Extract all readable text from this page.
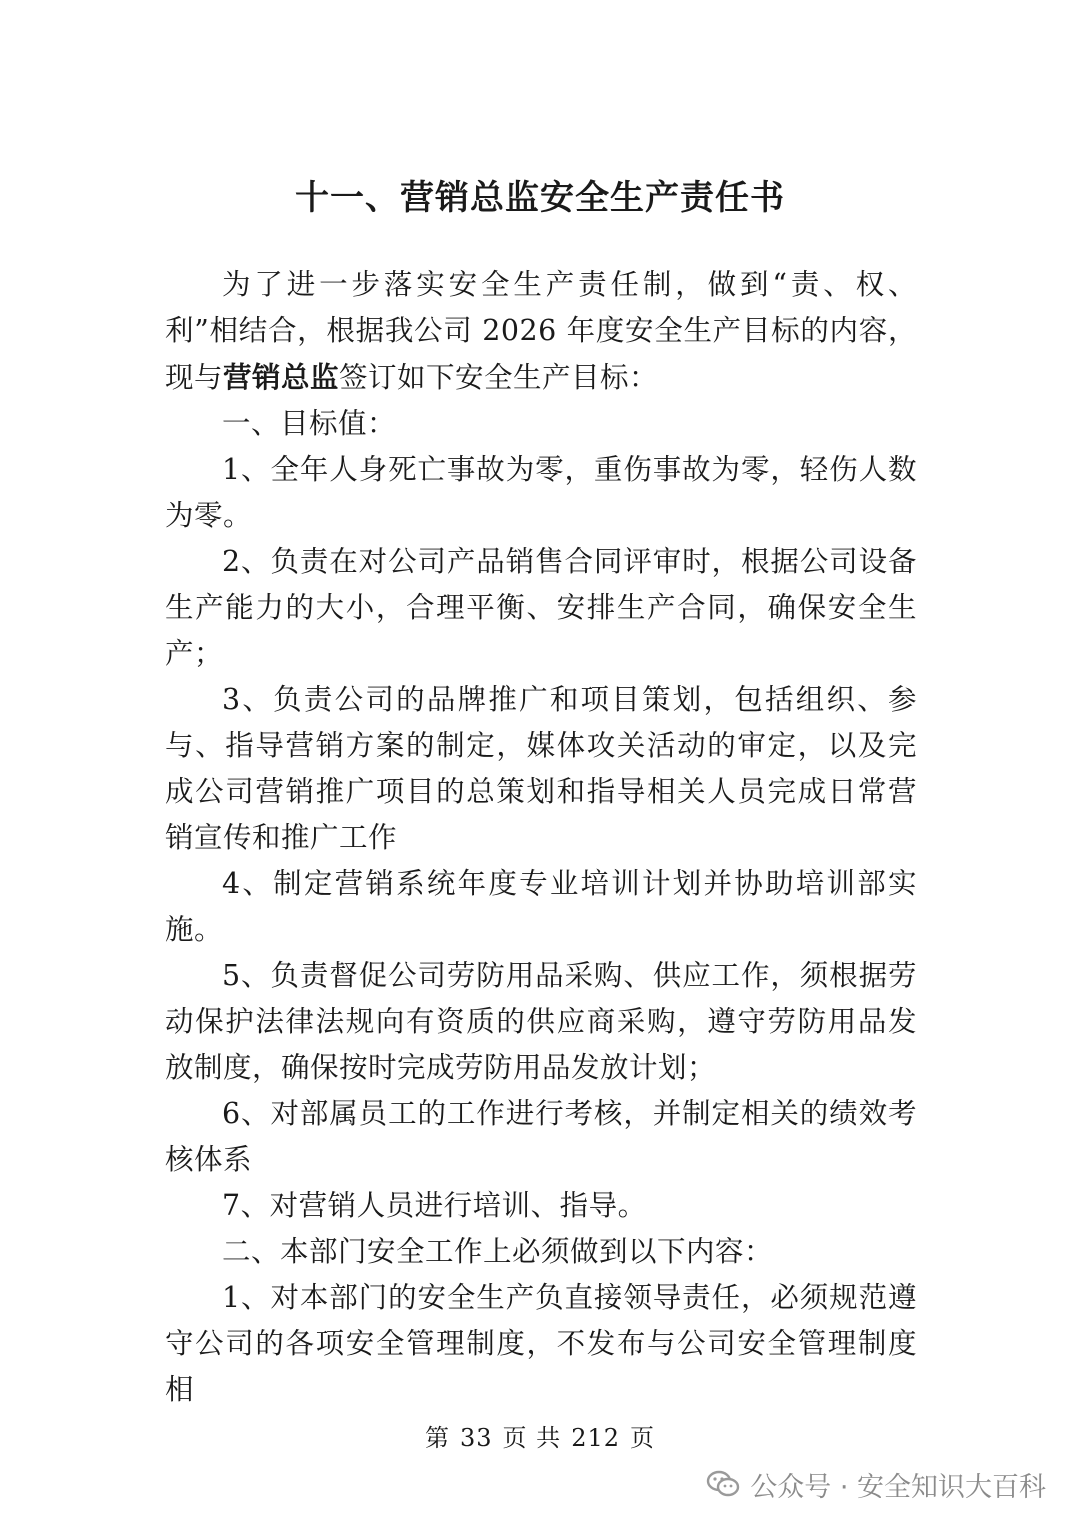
十一、营销总监安全生产责任书

为了进一步落实安全生产责任制，做到“责、权、利”相结合，根据我公司 2026 年度安全生产目标的内容，现与营销总监签订如下安全生产目标：

一、目标值：

1、全年人身死亡事故为零，重伤事故为零，轻伤人数为零。

2、负责在对公司产品销售合同评审时，根据公司设备生产能力的大小，合理平衡、安排生产合同，确保安全生产；

3、负责公司的品牌推广和项目策划，包括组织、参与、指导营销方案的制定，媒体攻关活动的审定，以及完成公司营销推广项目的总策划和指导相关人员完成日常营销宣传和推广工作

4、制定营销系统年度专业培训计划并协助培训部实施。

5、负责督促公司劳防用品采购、供应工作，须根据劳动保护法律法规向有资质的供应商采购，遵守劳防用品发放制度，确保按时完成劳防用品发放计划；

6、对部属员工的工作进行考核，并制定相关的绩效考核体系

7、对营销人员进行培训、指导。

二、本部门安全工作上必须做到以下内容：

1、对本部门的安全生产负直接领导责任，必须规范遵守公司的各项安全管理制度，不发布与公司安全管理制度相

第 33 页 共 212 页
公众号 · 安全知识大百科
